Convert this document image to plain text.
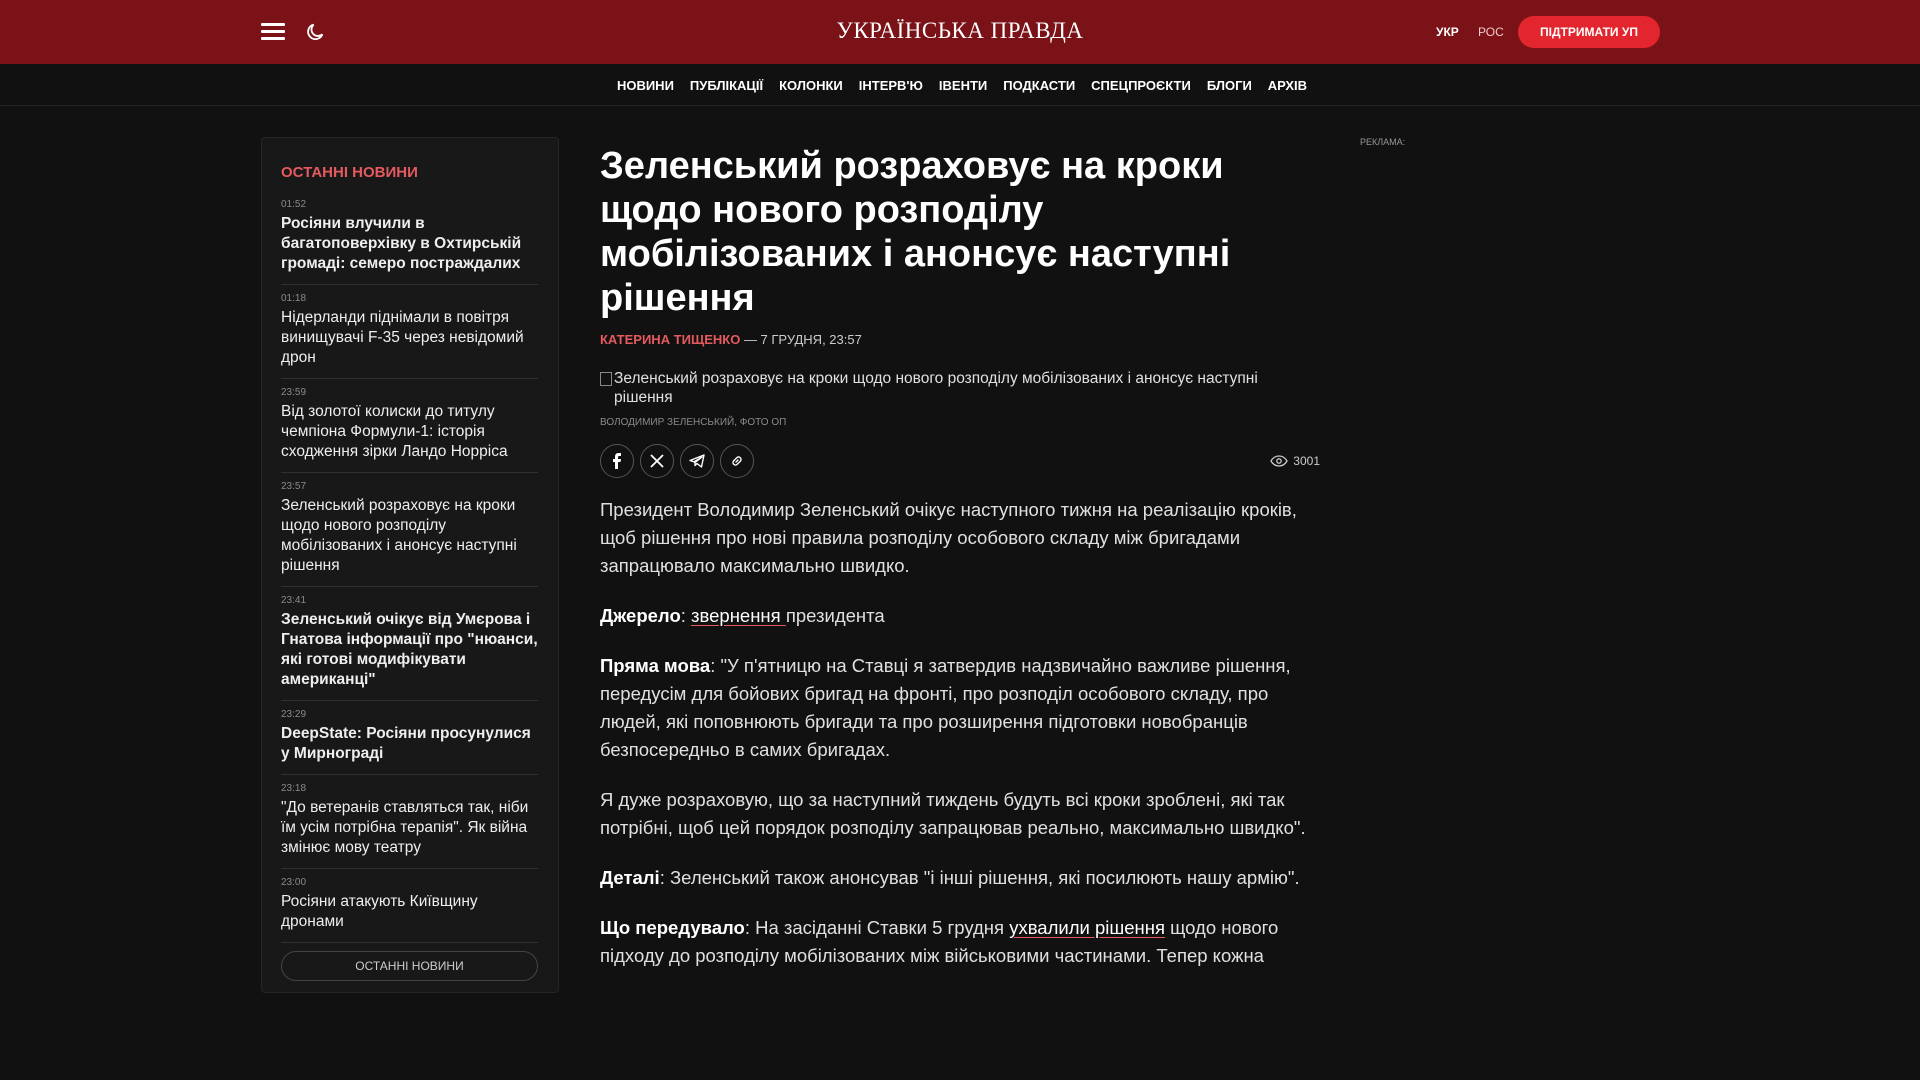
УКРАЇНСЬКА ПРАВДА	УКР РОС	ПІДТРИМАТИ УП
НОВИНИ ПУБЛІКАЦІЇ КОЛОНКИ ІНТЕРВ'Ю ІВЕНТИ ПОДКАСТИ СПЕЦПРОЄКТИ БЛОГИ АРХІВ
ОСТАННІ НОВИНИ
01:52
Росіяни влучили в багатоповерхівку в Охтирській громаді: семеро постраждалих
01:18
Нідерланди піднімали в повітря винищувачі F-35 через невідомий дрон
23:59
Від золотої колиски до титулу чемпіона Формули-1: історія сходження зірки Ландо Норріса
23:57
Зеленський розраховує на кроки щодо нового розподілу мобілізованих і анонсує наступні рішення
23:41
Зеленський очікує від Умєрова і Гнатова інформації про "нюанси, які готові модифікувати американці"
23:29
DeepState: Росіяни просунулися у Мирнограді
23:18
"До ветеранів ставляться так, ніби їм усім потрібна терапія". Як війна змінює мову театру
23:00
Росіяни атакують Київщину дронами
ОСТАННІ НОВИНИ
Зеленський розраховує на кроки щодо нового розподілу мобілізованих і анонсує наступні рішення
КАТЕРИНА ТИЩЕНКО — 7 ГРУДНЯ, 23:57
Зеленський розраховує на кроки щодо нового розподілу мобілізованих і анонсує наступні рішення
ВОЛОДИМИР ЗЕЛЕНСЬКИЙ, ФОТО ОП
3001

Президент Володимир Зеленський очікує наступного тижня на реалізацію кроків, щоб рішення про нові правила розподілу особового складу між бригадами запрацювало максимально швидко.

Джерело: звернення президента

Пряма мова: "У п'ятницю на Ставці я затвердив надзвичайно важливе рішення, передусім для бойових бригад на фронті, про розподіл особового складу, про людей, які поповнюють бригади та про розширення підготовки новобранців безпосередньо в самих бригадах.

Я дуже розраховую, що за наступний тиждень будуть всі кроки зроблені, які так потрібні, щоб цей порядок розподілу запрацював реально, максимально швидко".

Деталі: Зеленський також анонсував "і інші рішення, які посилюють нашу армію".

Що передувало: На засіданні Ставки 5 грудня ухвалили рішення щодо нового підходу до розподілу мобілізованих між військовими частинами. Тепер кожна

РЕКЛАМА:
